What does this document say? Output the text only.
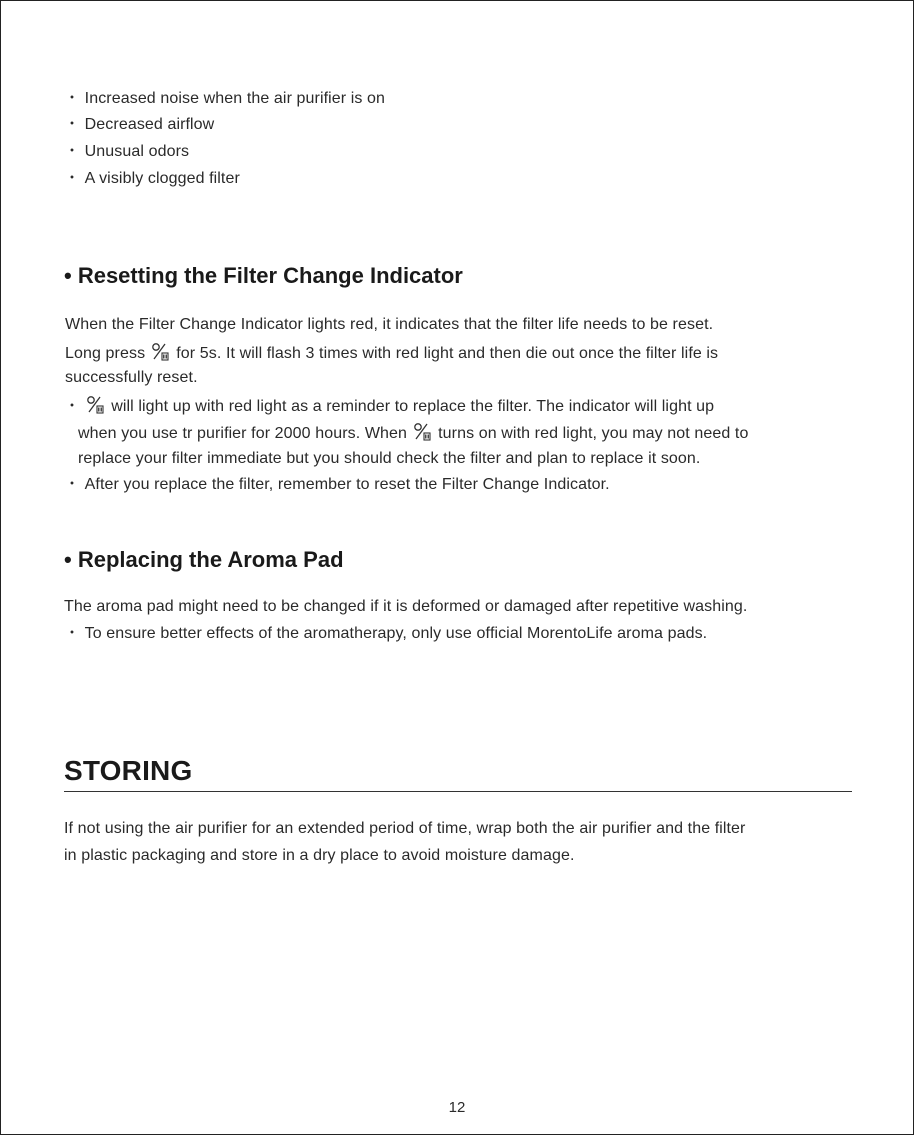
・ Increased noise when the air puriﬁer is on
・ Decreased airﬂow
・ Unusual odors
・ A visibly clogged ﬁlter
• Resetting the Filter Change Indicator
When the Filter Change Indicator lights red, it indicates that the ﬁlter life needs to be reset.
Long press for 5s. It will ﬂash 3 times with red light and then die out once the ﬁlter life is
successfully reset.
・ will light up with red light as a reminder to replace the ﬁlter. The indicator will light up
when you use tr puriﬁer for 2000 hours. When turns on with red light, you may not need to
replace your ﬁlter immediate but you should check the ﬁlter and plan to replace it soon.
・ After you replace the ﬁlter, remember to reset the Filter Change Indicator.
• Replacing the Aroma Pad
The aroma pad might need to be changed if it is deformed or damaged after repetitive washing.
・ To ensure better effects of the aromatherapy, only use ofﬁcial MorentoLife aroma pads.
STORING
If not using the air puriﬁer for an extended period of time, wrap both the air puriﬁer and the ﬁlter
in plastic packaging and store in a dry place to avoid moisture damage.
12
